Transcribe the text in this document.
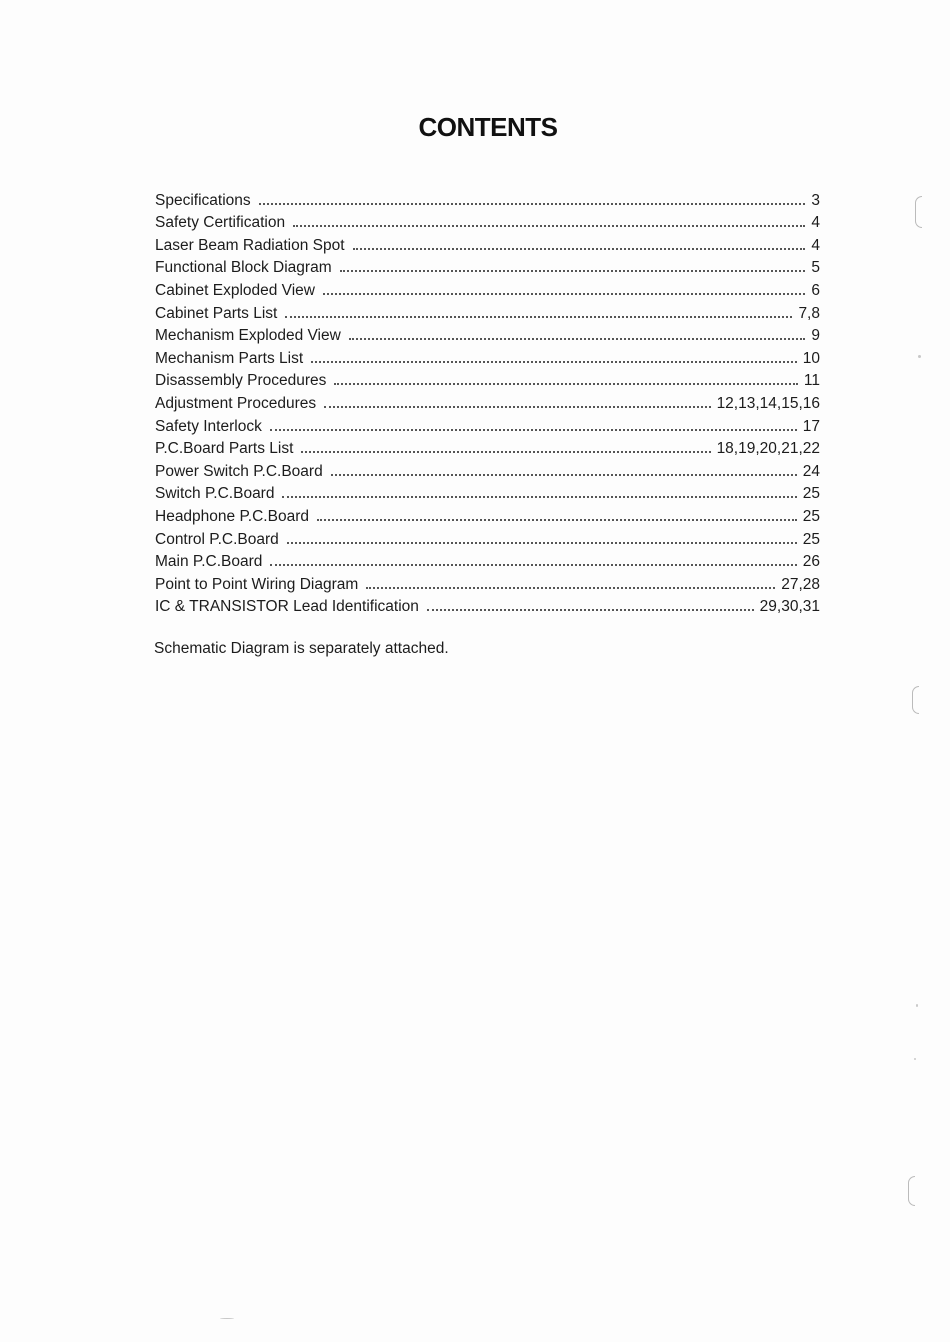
CONTENTS
Specifications	3
Safety Certification	4
Laser Beam Radiation Spot	4
Functional Block Diagram	5
Cabinet Exploded View	6
Cabinet Parts List	7,8
Mechanism Exploded View	9
Mechanism Parts List	10
Disassembly Procedures	11
Adjustment Procedures	12,13,14,15,16
Safety Interlock	17
P.C.Board Parts List	18,19,20,21,22
Power Switch P.C.Board	24
Switch P.C.Board	25
Headphone P.C.Board	25
Control P.C.Board	25
Main P.C.Board	26
Point to Point Wiring Diagram	27,28
IC & TRANSISTOR Lead Identification	29,30,31
Schematic Diagram is separately attached.
